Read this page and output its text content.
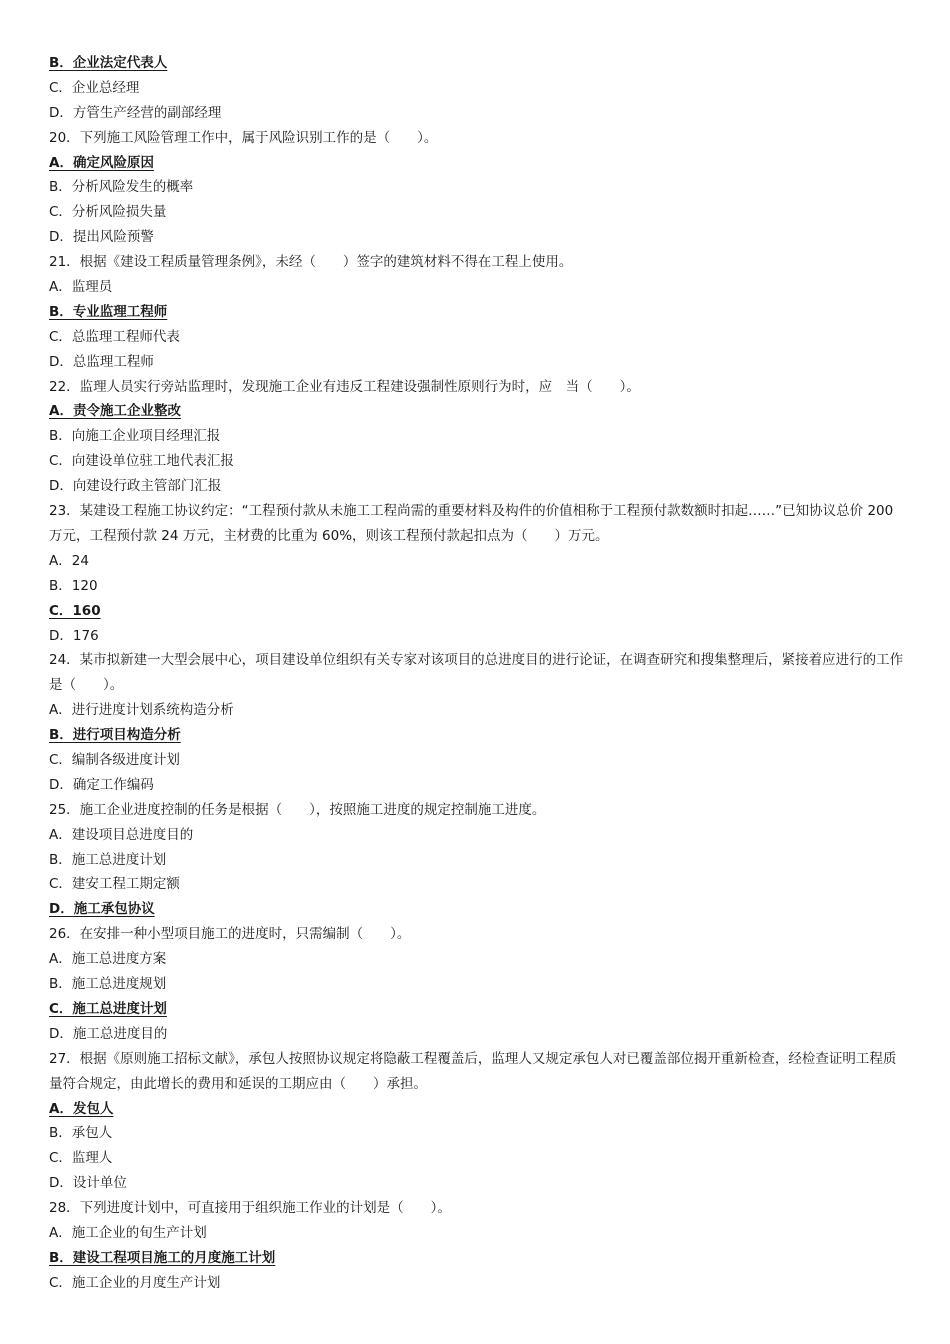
B．企业法定代表人
C．企业总经理
D．方管生产经营的副部经理
20．下列施工风险管理工作中，属于风险识别工作的是（　　）。
A．确定风险原因
B．分析风险发生的概率
C．分析风险损失量
D．提出风险预警
21．根据《建设工程质量管理条例》，未经（　　）签字的建筑材料不得在工程上使用。
A．监理员
B．专业监理工程师
C．总监理工程师代表
D．总监理工程师
22．监理人员实行旁站监理时，发现施工企业有违反工程建设强制性原则行为时，应　当（　　）。
A．责令施工企业整改
B．向施工企业项目经理汇报
C．向建设单位驻工地代表汇报
D．向建设行政主管部门汇报
23．某建设工程施工协议约定：“工程预付款从未施工工程尚需的重要材料及构件的价值相称于工程预付款数额时扣起……”已知协议总价 200 万元，工程预付款 24 万元，主材费的比重为 60%，则该工程预付款起扣点为（　　）万元。
A．24
B．120
C．160
D．176
24．某市拟新建一大型会展中心，项目建设单位组织有关专家对该项目的总进度目的进行论证，在调查研究和搜集整理后，紧接着应进行的工作是（　　）。
A．进行进度计划系统构造分析
B．进行项目构造分析
C．编制各级进度计划
D．确定工作编码
25．施工企业进度控制的任务是根据（　　），按照施工进度的规定控制施工进度。
A．建设项目总进度目的
B．施工总进度计划
C．建安工程工期定额
D．施工承包协议
26．在安排一种小型项目施工的进度时，只需编制（　　）。
A．施工总进度方案
B．施工总进度规划
C．施工总进度计划
D．施工总进度目的
27．根据《原则施工招标文献》，承包人按照协议规定将隐蔽工程覆盖后，监理人又规定承包人对已覆盖部位揭开重新检查，经检查证明工程质量符合规定，由此增长的费用和延误的工期应由（　　）承担。
A．发包人
B．承包人
C．监理人
D．设计单位
28．下列进度计划中，可直接用于组织施工作业的计划是（　　）。
A．施工企业的旬生产计划
B．建设工程项目施工的月度施工计划
C．施工企业的月度生产计划
